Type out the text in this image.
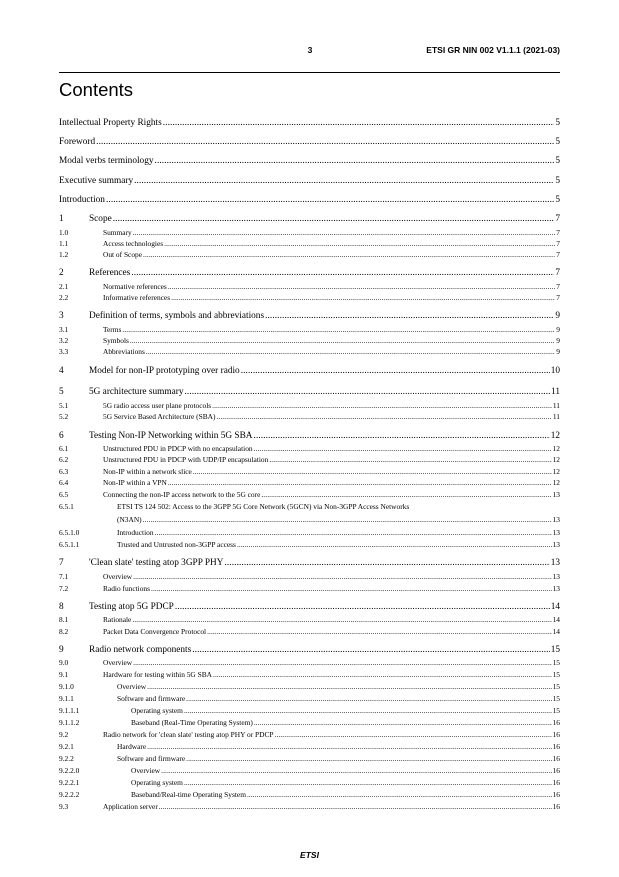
3	ETSI GR NIN 002 V1.1.1 (2021-03)
Contents
Intellectual Property Rights .....	5
Foreword .....	5
Modal verbs terminology .....	5
Executive summary .....	5
Introduction .....	5
1	Scope .....	7
1.0	Summary .....	7
1.1	Access technologies .....	7
1.2	Out of Scope .....	7
2	References .....	7
2.1	Normative references .....	7
2.2	Informative references .....	7
3	Definition of terms, symbols and abbreviations .....	9
3.1	Terms .....	9
3.2	Symbols .....	9
3.3	Abbreviations .....	9
4	Model for non-IP prototyping over radio .....	10
5	5G architecture summary .....	11
5.1	5G radio access user plane protocols .....	11
5.2	5G Service Based Architecture (SBA) .....	11
6	Testing Non-IP Networking within 5G SBA .....	12
6.1	Unstructured PDU in PDCP with no encapsulation .....	12
6.2	Unstructured PDU in PDCP with UDP/IP encapsulation .....	12
6.3	Non-IP within a network slice .....	12
6.4	Non-IP within a VPN .....	12
6.5	Connecting the non-IP access network to the 5G core .....	13
6.5.1	ETSI TS 124 502: Access to the 3GPP 5G Core Network (5GCN) via Non-3GPP Access Networks
(N3AN) .....	13
6.5.1.0	Introduction .....	13
6.5.1.1	Trusted and Untrusted non-3GPP access .....	13
7	'Clean slate' testing atop 3GPP PHY .....	13
7.1	Overview .....	13
7.2	Radio functions .....	13
8	Testing atop 5G PDCP .....	14
8.1	Rationale .....	14
8.2	Packet Data Convergence Protocol .....	14
9	Radio network components .....	15
9.0	Overview .....	15
9.1	Hardware for testing within 5G SBA .....	15
9.1.0	Overview .....	15
9.1.1	Software and firmware .....	15
9.1.1.1	Operating system .....	15
9.1.1.2	Baseband (Real-Time Operating System) .....	16
9.2	Radio network for 'clean slate' testing atop PHY or PDCP .....	16
9.2.1	Hardware .....	16
9.2.2	Software and firmware .....	16
9.2.2.0	Overview .....	16
9.2.2.1	Operating system .....	16
9.2.2.2	Baseband/Real-time Operating System .....	16
9.3	Application server .....	16
ETSI
